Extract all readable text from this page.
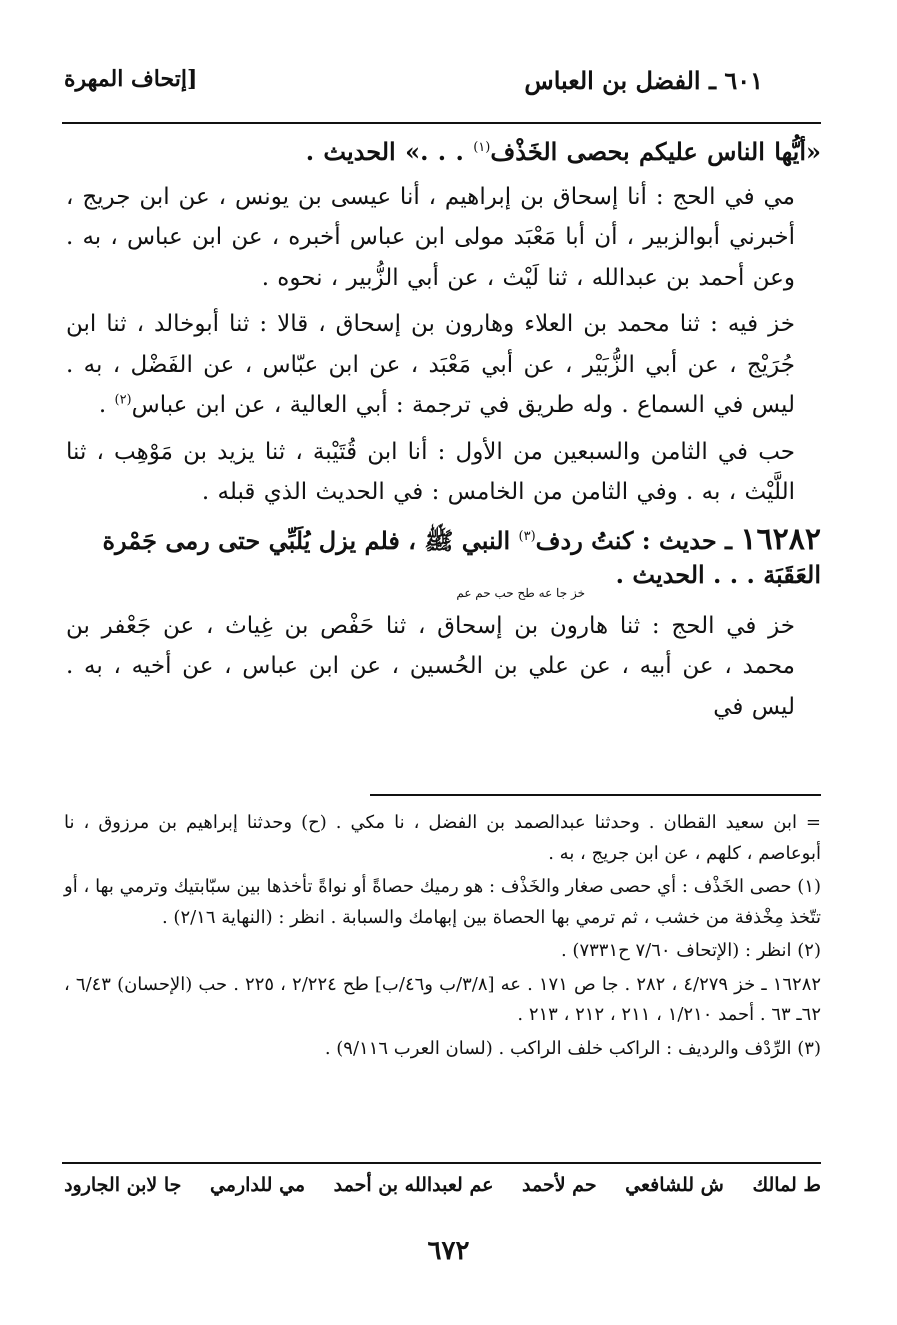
٦٠١ ـ الفضل بن العباس
[إتحاف المهرة

«أيُّها الناس عليكم بحصى الخَذْف$^{(١)}$ . . .» الحديث .

مي في الحج : أنا إسحاق بن إبراهيم ، أنا عيسى بن يونس ، عن ابن جريج ، أخبرني أبوالزبير ، أن أبا مَعْبَد مولى ابن عباس أخبره ، عن ابن عباس ، به . وعن أحمد بن عبدالله ، ثنا لَيْث ، عن أبي الزُّبير ، نحوه .

خز فيه : ثنا محمد بن العلاء وهارون بن إسحاق ، قالا : ثنا أبوخالد ، ثنا ابن جُرَيْج ، عن أبي الزُّبَيْر ، عن أبي مَعْبَد ، عن ابن عبّاس ، عن الفَضْل ، به . ليس في السماع . وله طريق في ترجمة : أبي العالية ، عن ابن عباس$^{(٢)}$ .

حب في الثامن والسبعين من الأول : أنا ابن قُتَيْبة ، ثنا يزيد بن مَوْهِب ، ثنا اللَّيْث ، به . وفي الثامن من الخامس : في الحديث الذي قبله .

١٦٢٨٢ ـ حديث : كنتُ ردف$^{(٣)}$ النبي ﷺ ، فلم يزل يُلَبِّي حتى رمى جَمْرة العَقَبَة . . . الحديث .
خز جا عه طح حب حم عم

خز في الحج : ثنا هارون بن إسحاق ، ثنا حَفْص بن غِياث ، عن جَعْفر بن محمد ، عن أبيه ، عن علي بن الحُسين ، عن ابن عباس ، عن أخيه ، به . ليس في

=ابن سعيد القطان . وحدثنا عبدالصمد بن الفضل ، نا مكي . (ح) وحدثنا إبراهيم بن مرزوق ، نا أبوعاصم ، كلهم ، عن ابن جريج ، به .

(١) حصى الخَذْف : أي حصى صغار والخَذْف : هو رميك حصاةً أو نواةً تأخذها بين سبّابتيك وترمي بها ، أو تتّخذ مِخْذفة من خشب ، ثم ترمي بها الحصاة بين إبهامك والسبابة . انظر : (النهاية ٢/١٦) .

(٢) انظر : (الإتحاف ٧/٦٠ ح٧٣٣١) .

١٦٢٨٢ ـ خز ٤/٢٧٩ ، ٢٨٢ . جا ص ١٧١ . عه [٣/٨/ب و٤٦/ب] طح ٢/٢٢٤ ، ٢٢٥ . حب (الإحسان) ٦/٤٣ ، ٦٢ـ ٦٣ . أحمد ١/٢١٠ ، ٢١١ ، ٢١٢ ، ٢١٣ .

(٣) الرِّدْف والرديف : الراكب خلف الراكب . (لسان العرب ٩/١١٦) .

ط لمالك
ش للشافعي
حم لأحمد
عم لعبدالله بن أحمد
مي للدارمي
جا لابن الجارود
٦٧٢
